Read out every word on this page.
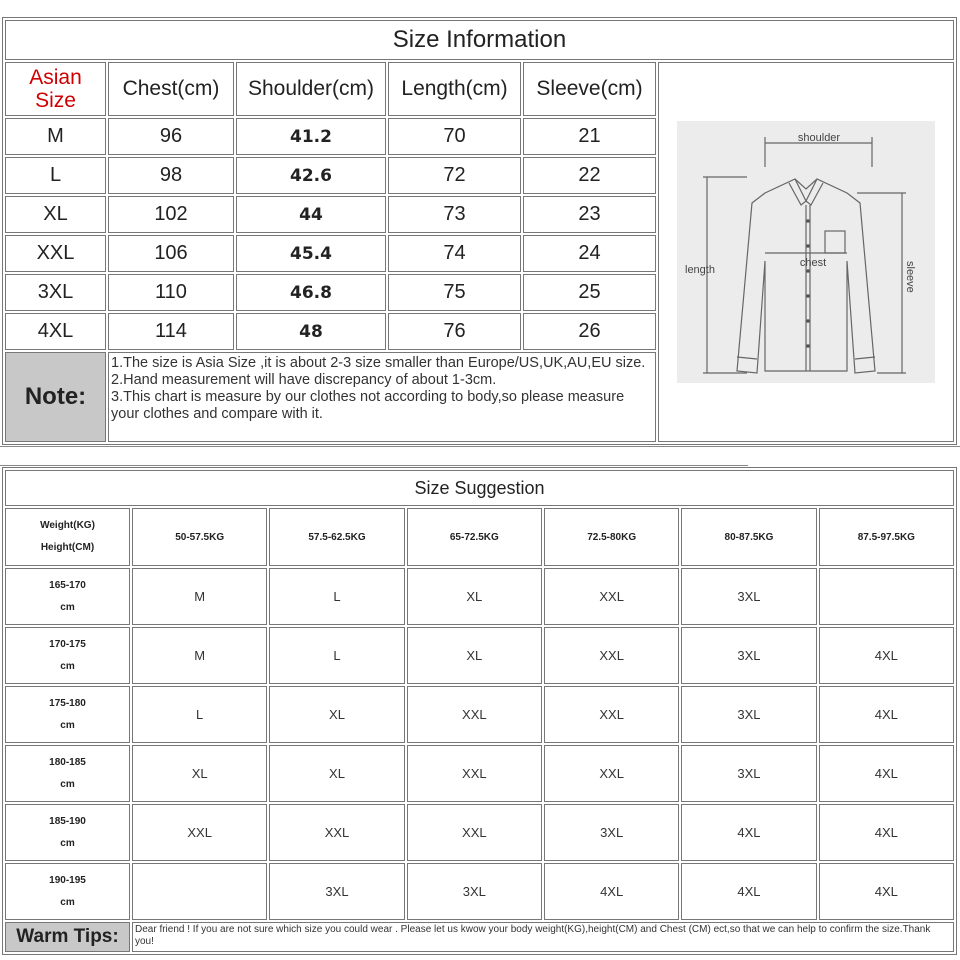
Size Information					
Asian
Size	Chest(cm)	Shoulder(cm)	Length(cm)	Sleeve(cm)	shoulder
length
chest sleeve

M	96	41.2	70	21	
L	98	42.6	72	22	
XL	102	44	73	23	
XXL	106	45.4	74	24	
3XL	110	46.8	75	25	
4XL	114	48	76	26	
Note:	1.The size is Asia Size ,it is about 2-3 size smaller than Europe/US,UK,AU,EU size.
2.Hand measurement will have discrepancy of about 1-3cm.
3.This chart is measure by our clothes not according to body,so please measure your clothes and compare with it.				
Size Suggestion						

Weight(KG)
Height(CM)	50-57.5KG	57.5-62.5KG	65-72.5KG	72.5-80KG	80-87.5KG	87.5-97.5KG

165-170
cm	M	L	XL	XXL	3XL	

170-175
cm	M	L	XL	XXL	3XL	4XL

175-180
cm	L	XL	XXL	XXL	3XL	4XL

180-185
cm	XL	XL	XXL	XXL	3XL	4XL

185-190
cm	XXL	XXL	XXL	3XL	4XL	4XL

190-195
cm		3XL	3XL	4XL	4XL	4XL
Warm Tips:	Dear friend ! If you are not sure which size you could wear . Please let us kwow your body weight(KG),height(CM) and Chest (CM) ect,so that we can help to confirm the size.Thank you!					
